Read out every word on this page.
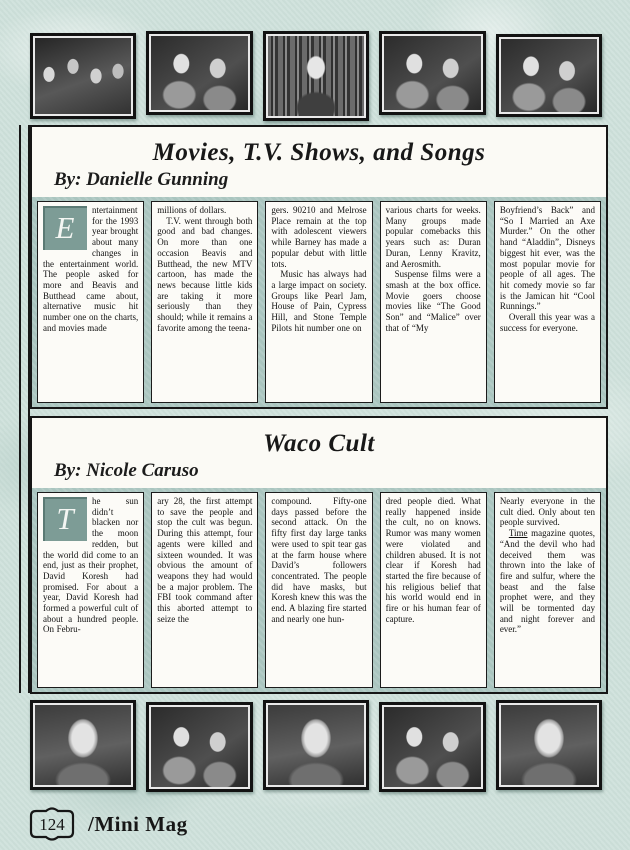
Movies, T.V. Shows, and Songs
By: Danielle Gunning
E	ntertainment for the 1993 year brought about many changes in the entertainment world. The people asked for more and Beavis and Butthead came about, alternative music hit number one on the charts, and movies made

millions of dollars.

T.V. went through both good and bad changes. On more than one occasion Beavis and Butthead, the new MTV cartoon, has made the news because little kids are taking it more seriously than they should; while it remains a favorite among the teena-

gers. 90210 and Melrose Place remain at the top with adolescent viewers while Barney has made a popular debut with little tots.

Music has always had a large impact on society. Groups like Pearl Jam, House of Pain, Cypress Hill, and Stone Temple Pilots hit number one on

various charts for weeks. Many groups made popular comebacks this years such as: Duran Duran, Lenny Kravitz, and Aerosmith.

Suspense films were a smash at the box office. Movie goers choose movies like “The Good Son” and “Malice” over that of “My

Boyfriend’s Back” and “So I Married an Axe Murder.” On the other hand “Aladdin”, Disneys biggest hit ever, was the most popular movie for people of all ages. The hit comedy movie so far is the Jamican hit “Cool Runnings.”

Overall this year was a success for everyone.

Waco Cult
By: Nicole Caruso
T	he sun didn’t blacken nor the moon redden, but the world did come to an end, just as their prophet, David Koresh had promised. For about a year, David Koresh had formed a powerful cult of about a hundred people. On Febru-

ary 28, the first attempt to save the people and stop the cult was begun. During this attempt, four agents were killed and sixteen wounded. It was obvious the amount of weapons they had would be a major problem. The FBI took command after this aborted attempt to seize the

compound. Fifty-one days passed before the second attack. On the fifty first day large tanks were used to spit tear gas at the farm house where David’s followers concentrated. The people did have masks, but Koresh knew this was the end. A blazing fire started and nearly one hun-

dred people died. What really happened inside the cult, no on knows. Rumor was many women were violated and children abused. It is not clear if Koresh had started the fire because of his religious belief that his world would end in fire or his human fear of capture.

Nearly everyone in the cult died. Only about ten people survived.

Time magazine quotes, “And the devil who had deceived them was thrown into the lake of fire and sulfur, where the beast and the false prophet were, and they will be tormented day and night forever and ever.”

124 /Mini Mag
